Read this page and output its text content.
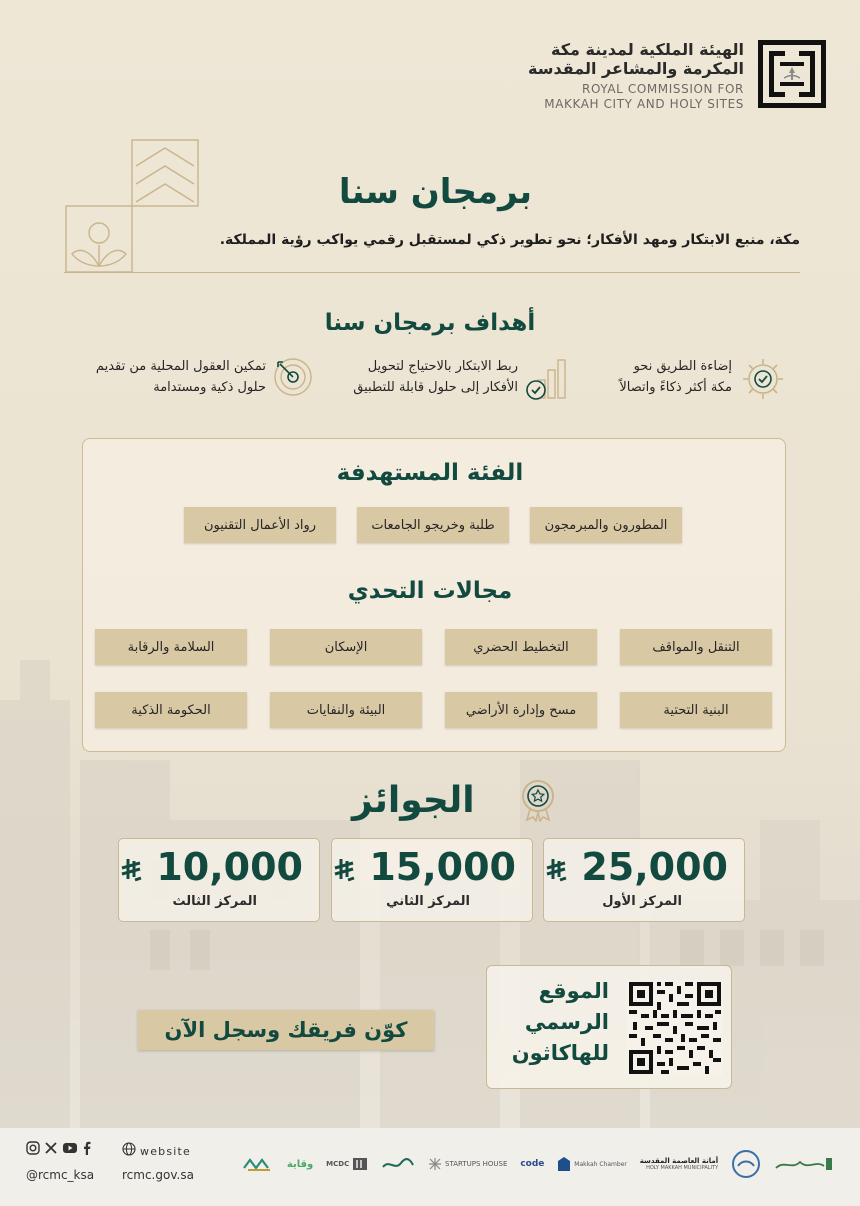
الهيئة الملكية لمدينة مكة
المكرمة والمشاعر المقدسة
ROYAL COMMISSION FOR
MAKKAH CITY AND HOLY SITES
برمجان سنا
مكة، منبع الابتكار ومهد الأفكار؛ نحو تطوير ذكي لمستقبل رقمي يواكب رؤية المملكة.
أهداف برمجان سنا
إضاءة الطريق نحو
مكة أكثر ذكاءً واتصالاً
ربط الابتكار بالاحتياج لتحويل
الأفكار إلى حلول قابلة للتطبيق
تمكين العقول المحلية من تقديم
حلول ذكية ومستدامة
الفئة المستهدفة
المطورون والمبرمجون
طلبة وخريجو الجامعات
رواد الأعمال التقنيون
مجالات التحدي
التنقل والمواقف
التخطيط الحضري
الإسكان
السلامة والرقابة
البنية التحتية
مسح وإدارة الأراضي
البيئة والنفايات
الحكومة الذكية
الجوائز
25,000
المركز الأول
15,000
المركز الثاني
10,000
المركز الثالث
كوّن فريقك وسجل الآن
الموقع
الرسمي
للهاكاثون
@rcmc_ksa
website
rcmc.gov.sa
وقاية MCDC	STARTUPS HOUSE code	Makkah Chamber أمانة العاصمة المقدسة
HOLY MAKKAH MUNICIPALITY
